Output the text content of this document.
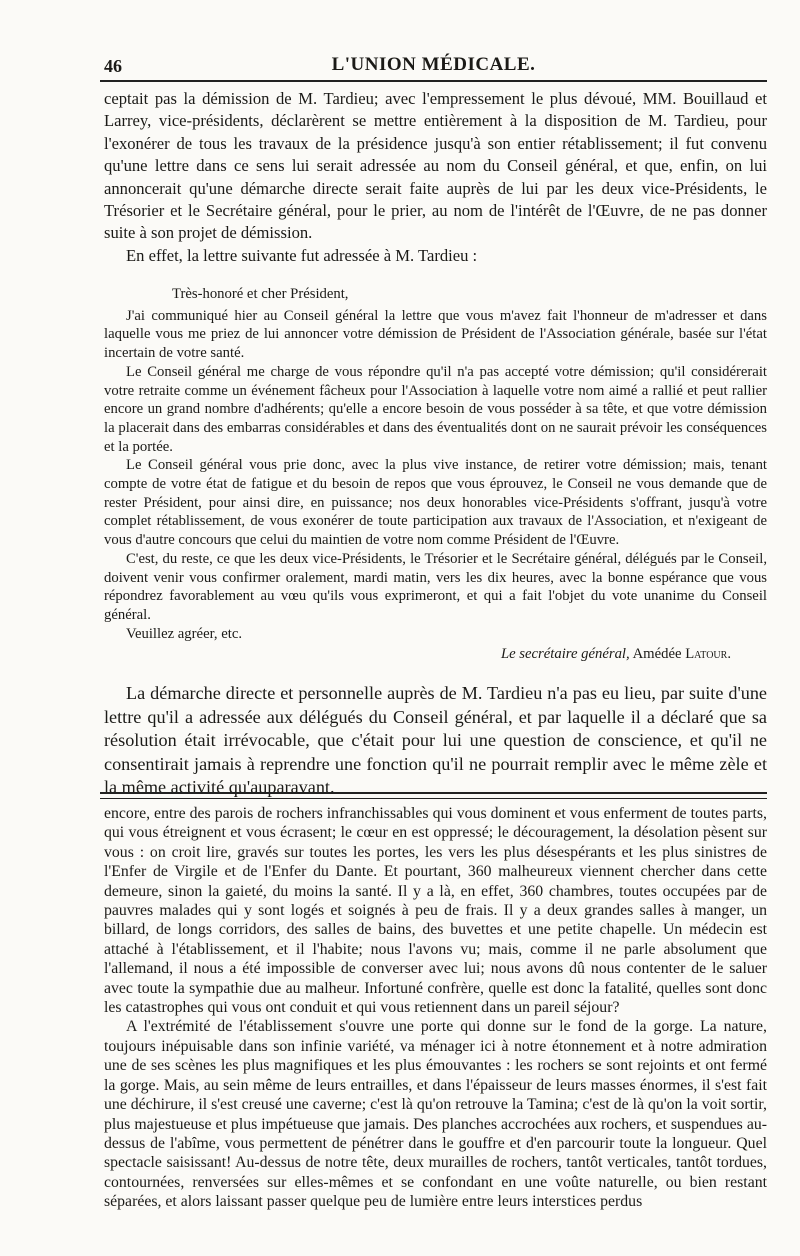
46	L'UNION MÉDICALE.

ceptait pas la démission de M. Tardieu; avec l'empressement le plus dévoué, MM. Bouillaud et Larrey, vice-présidents, déclarèrent se mettre entièrement à la disposition de M. Tardieu, pour l'exonérer de tous les travaux de la présidence jusqu'à son entier rétablissement; il fut convenu qu'une lettre dans ce sens lui serait adressée au nom du Conseil général, et que, enfin, on lui annoncerait qu'une démarche directe serait faite auprès de lui par les deux vice-Présidents, le Trésorier et le Secrétaire général, pour le prier, au nom de l'intérêt de l'Œuvre, de ne pas donner suite à son projet de démission.

En effet, la lettre suivante fut adressée à M. Tardieu :

Très-honoré et cher Président,

J'ai communiqué hier au Conseil général la lettre que vous m'avez fait l'honneur de m'adresser et dans laquelle vous me priez de lui annoncer votre démission de Président de l'Association générale, basée sur l'état incertain de votre santé.

Le Conseil général me charge de vous répondre qu'il n'a pas accepté votre démission; qu'il considérerait votre retraite comme un événement fâcheux pour l'Association à laquelle votre nom aimé a rallié et peut rallier encore un grand nombre d'adhérents; qu'elle a encore besoin de vous posséder à sa tête, et que votre démission la placerait dans des embarras considérables et dans des éventualités dont on ne saurait prévoir les conséquences et la portée.

Le Conseil général vous prie donc, avec la plus vive instance, de retirer votre démission; mais, tenant compte de votre état de fatigue et du besoin de repos que vous éprouvez, le Conseil ne vous demande que de rester Président, pour ainsi dire, en puissance; nos deux honorables vice-Présidents s'offrant, jusqu'à votre complet rétablissement, de vous exonérer de toute participation aux travaux de l'Association, et n'exigeant de vous d'autre concours que celui du maintien de votre nom comme Président de l'Œuvre.

C'est, du reste, ce que les deux vice-Présidents, le Trésorier et le Secrétaire général, délégués par le Conseil, doivent venir vous confirmer oralement, mardi matin, vers les dix heures, avec la bonne espérance que vous répondrez favorablement au vœu qu'ils vous exprimeront, et qui a fait l'objet du vote unanime du Conseil général.

Veuillez agréer, etc.

Le secrétaire général, Amédée Latour.

La démarche directe et personnelle auprès de M. Tardieu n'a pas eu lieu, par suite d'une lettre qu'il a adressée aux délégués du Conseil général, et par laquelle il a déclaré que sa résolution était irrévocable, que c'était pour lui une question de conscience, et qu'il ne consentirait jamais à reprendre une fonction qu'il ne pourrait remplir avec le même zèle et la même activité qu'auparavant.

encore, entre des parois de rochers infranchissables qui vous dominent et vous enferment de toutes parts, qui vous étreignent et vous écrasent; le cœur en est oppressé; le découragement, la désolation pèsent sur vous : on croit lire, gravés sur toutes les portes, les vers les plus désespérants et les plus sinistres de l'Enfer de Virgile et de l'Enfer du Dante. Et pourtant, 360 malheureux viennent chercher dans cette demeure, sinon la gaieté, du moins la santé. Il y a là, en effet, 360 chambres, toutes occupées par de pauvres malades qui y sont logés et soignés à peu de frais. Il y a deux grandes salles à manger, un billard, de longs corridors, des salles de bains, des buvettes et une petite chapelle. Un médecin est attaché à l'établissement, et il l'habite; nous l'avons vu; mais, comme il ne parle absolument que l'allemand, il nous a été impossible de converser avec lui; nous avons dû nous contenter de le saluer avec toute la sympathie due au malheur. Infortuné confrère, quelle est donc la fatalité, quelles sont donc les catastrophes qui vous ont conduit et qui vous retiennent dans un pareil séjour?

A l'extrémité de l'établissement s'ouvre une porte qui donne sur le fond de la gorge. La nature, toujours inépuisable dans son infinie variété, va ménager ici à notre étonnement et à notre admiration une de ses scènes les plus magnifiques et les plus émouvantes : les rochers se sont rejoints et ont fermé la gorge. Mais, au sein même de leurs entrailles, et dans l'épaisseur de leurs masses énormes, il s'est fait une déchirure, il s'est creusé une caverne; c'est là qu'on retrouve la Tamina; c'est de là qu'on la voit sortir, plus majestueuse et plus impétueuse que jamais. Des planches accrochées aux rochers, et suspendues au-dessus de l'abîme, vous permettent de pénétrer dans le gouffre et d'en parcourir toute la longueur. Quel spectacle saisissant! Au-dessus de notre tête, deux murailles de rochers, tantôt verticales, tantôt tordues, contournées, renversées sur elles-mêmes et se confondant en une voûte naturelle, ou bien restant séparées, et alors laissant passer quelque peu de lumière entre leurs interstices perdus
